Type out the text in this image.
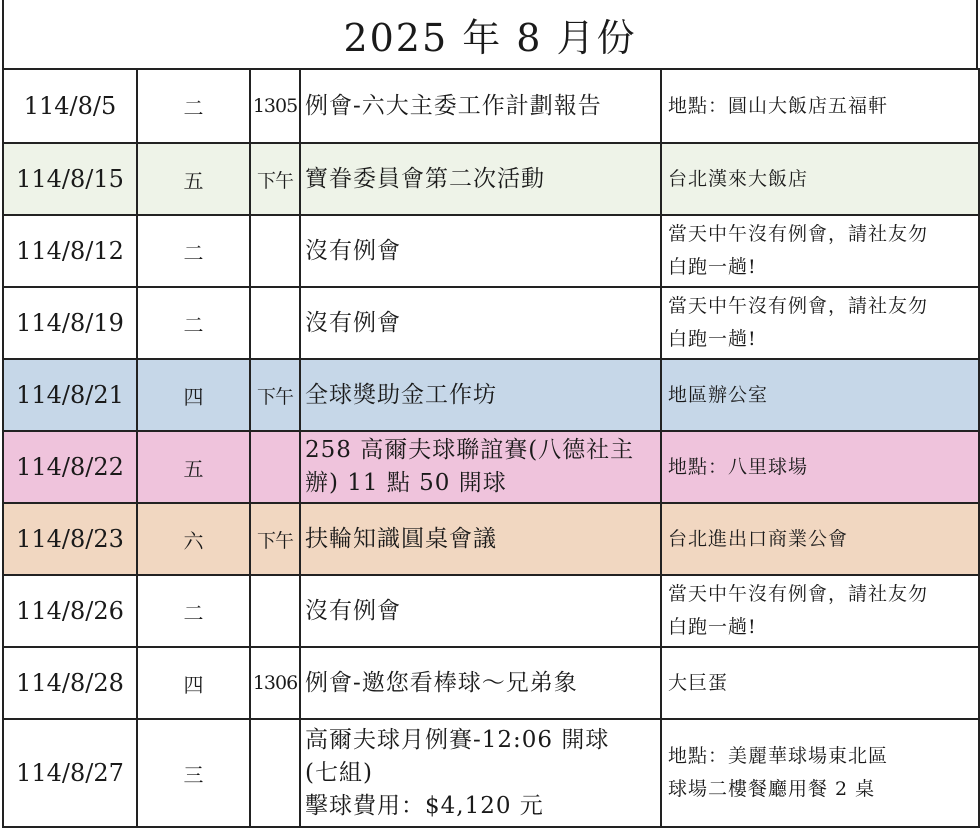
2025 年 8 月份
114/8/5	二	1305	例會-六大主委工作計劃報告	地點：圓山大飯店五福軒

114/8/15	五	下午	寶眷委員會第二次活動	台北漢來大飯店

114/8/12	二		沒有例會	當天中午沒有例會，請社友勿
白跑一趟!

114/8/19	二		沒有例會	當天中午沒有例會，請社友勿
白跑一趟!

114/8/21	四	下午	全球獎助金工作坊	地區辦公室

114/8/22	五		258 高爾夫球聯誼賽(八德社主
辦) 11 點 50 開球	地點：八里球場

114/8/23	六	下午	扶輪知識圓桌會議	台北進出口商業公會

114/8/26	二		沒有例會	當天中午沒有例會，請社友勿
白跑一趟!

114/8/28	四	1306	例會-邀您看棒球～兄弟象	大巨蛋

114/8/27	三		高爾夫球月例賽-12:06 開球
(七組)
擊球費用：$4,120 元	地點：美麗華球場東北區
球場二樓餐廳用餐 2 桌
